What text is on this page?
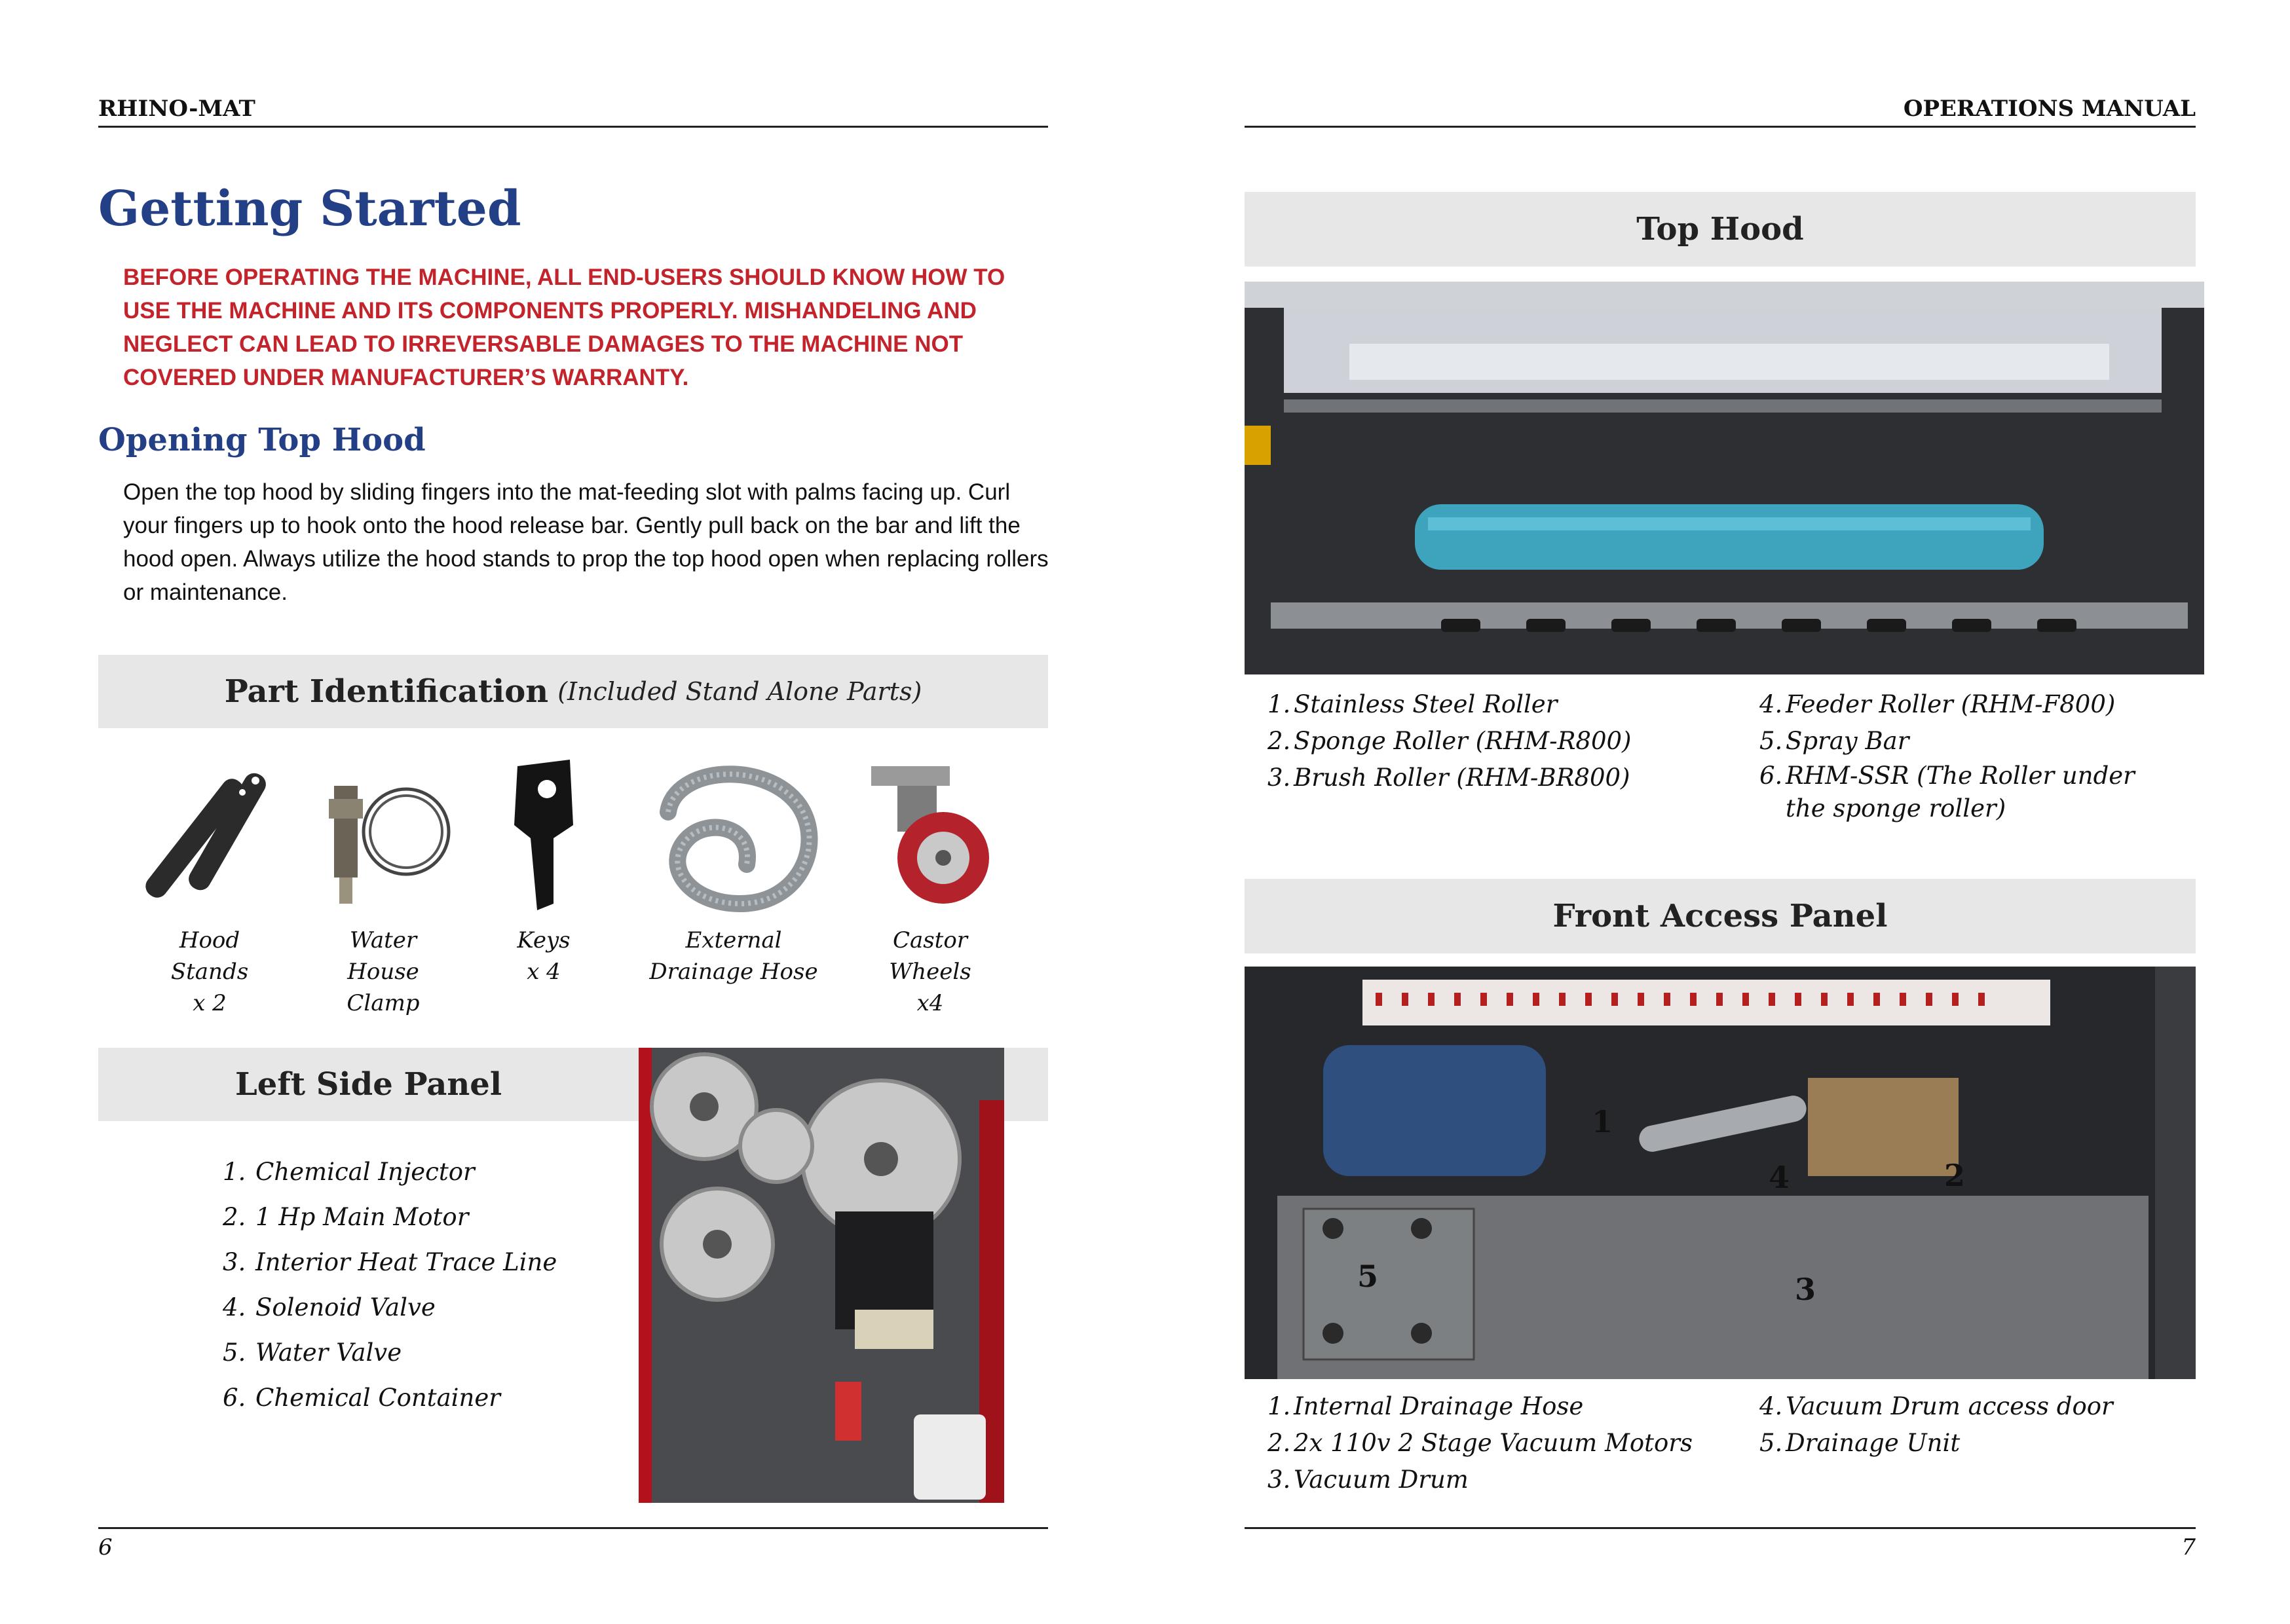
RHINO-MAT
Getting Started

BEFORE OPERATING THE MACHINE, ALL END-USERS SHOULD KNOW HOW TO USE THE MACHINE AND ITS COMPONENTS PROPERLY. MISHANDELING AND NEGLECT CAN LEAD TO IRREVERSABLE DAMAGES TO THE MACHINE NOT COVERED UNDER MANUFACTURER’S WARRANTY.

Opening Top Hood

Open the top hood by sliding fingers into the mat-feeding slot with palms facing up. Curl your fingers up to hook onto the hood release bar. Gently pull back on the bar and lift the hood open. Always utilize the hood stands to prop the top hood open when replacing rollers or maintenance.

Part Identification (Included Stand Alone Parts)
Hood Stands
x 2
Water House
Clamp
Keys
x 4
External
Drainage Hose
Castor Wheels
x4
Left Side Panel
1. Chemical Injector
2. 1 Hp Main Motor
3. Interior Heat Trace Line
4. Solenoid Valve
5. Water Valve
6. Chemical Container
6
OPERATIONS MANUAL
Top Hood
1. Stainless Steel Roller
2. Sponge Roller (RHM-R800)
3. Brush Roller (RHM-BR800)
4. Feeder Roller (RHM-F800)
5. Spray Bar
6. RHM-SSR (The Roller under the sponge roller)
Front Access Panel
1
2
3
4
5
1. Internal Drainage Hose
2. 2x 110v 2 Stage Vacuum Motors
3. Vacuum Drum
4. Vacuum Drum access door
5. Drainage Unit
7
